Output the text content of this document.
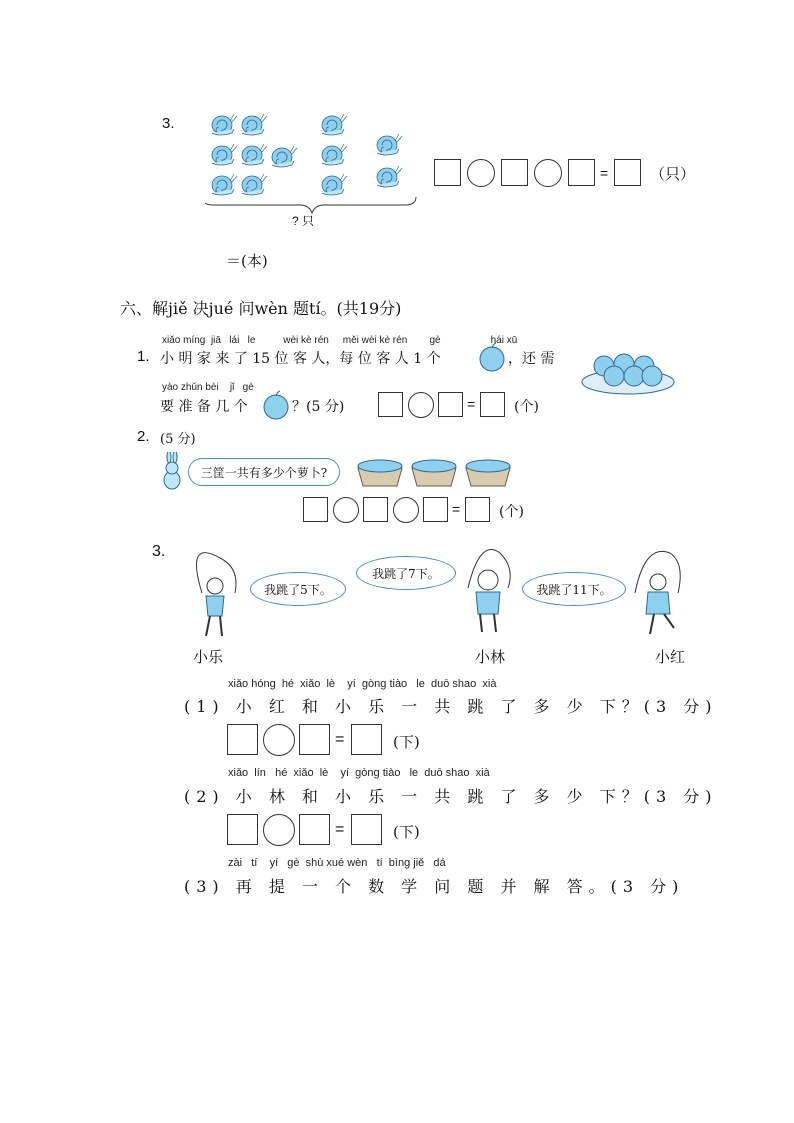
3.
? 只
=	（只）
＝(本)
六、解jiě 决jué 问wèn 题tí。(共19分)
1.
xiǎo míng jiā lái le	wèi kè rén měi wèi kè rén gè	hái xū
小 明 家 来 了 15 位 客 人，每 位 客 人 1 个	，还 需
yào zhǔn bèi jǐ gè
要 准 备 几 个	？(5 分)	=	(个)
2. (5 分)
三筐一共有多少个萝卜?
=	(个)
3.
我跳了5下。
我跳了7下。
我跳了11下。
小乐	小林	小红
xiǎo hóng  hé  xiǎo  lè    yí  gòng tiào   le  duō shao  xià
(1) 小 红 和 小 乐 一 共 跳 了 多 少 下？(3 分)
=	(下)
xiǎo  lín   hé  xiǎo  lè    yí  gòng tiào   le  duō shao  xià
(2) 小 林 和 小 乐 一 共 跳 了 多 少 下？(3 分)
=	(下)
zài   tí    yí   gè  shù xué wèn   tí  bìng jiě   dá
(3) 再 提 一 个 数 学 问 题 并 解 答。(3 分)
